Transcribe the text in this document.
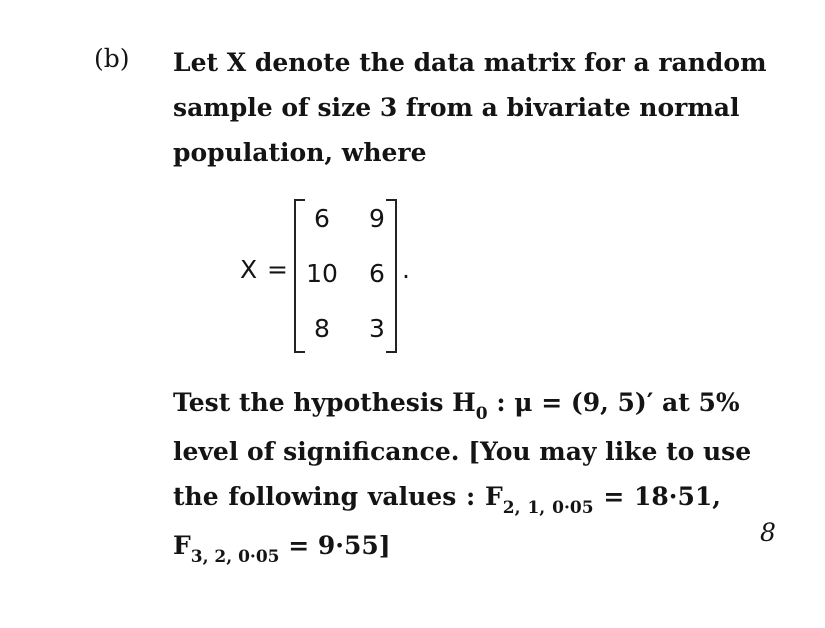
(b) Let X denote the data matrix for a random
sample of size 3 from a bivariate normal
population, where
X =
6	9
10	6
8	3
.
Test the hypothesis $H_0$ : μ = (9, 5)′ at 5%
level of significance. [You may like to use
the following values : $F_{2, 1, 0\cdot 05} = 18\cdot 51$,
$F_{3, 2, 0\cdot 05} = 9\cdot 55$]	8
